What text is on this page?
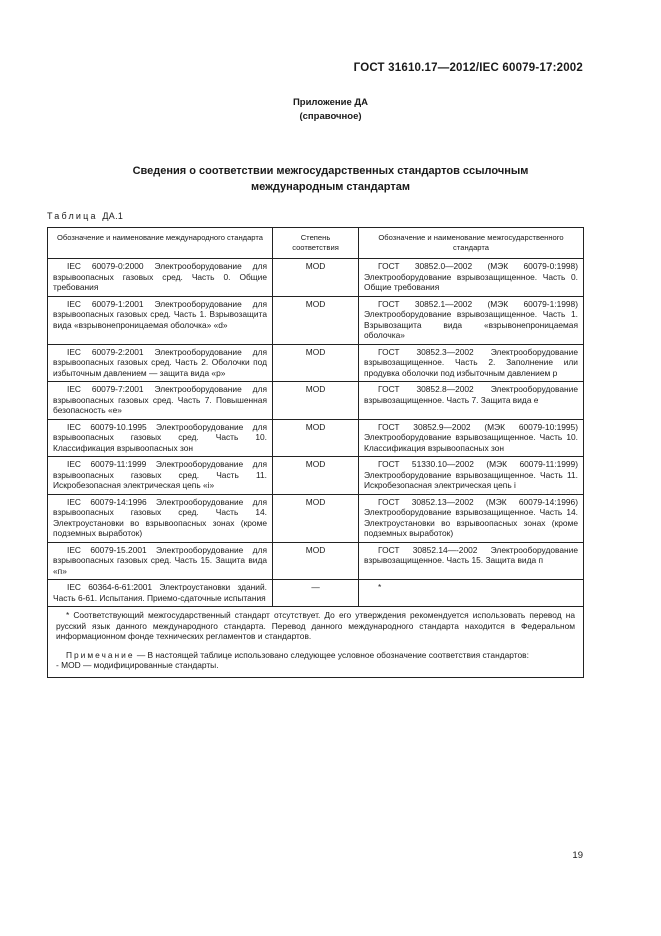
ГОСТ 31610.17—2012/IEC 60079-17:2002
Приложение ДА
(справочное)
Сведения о соответствии межгосударственных стандартов ссылочным
международным стандартам
Таблица ДА.1
Обозначение и наименование международного стандарта	Степень соответствия	Обозначение и наименование межгосударственного стандарта
IEC 60079-0:2000 Электрооборудование для взрывоопасных газовых сред. Часть 0. Общие требования	MOD	ГОСТ 30852.0—2002 (МЭК 60079-0:1998) Электрооборудование взрывозащищенное. Часть 0. Общие требования
IEC 60079-1:2001 Электрооборудование для взрывоопасных газовых сред. Часть 1. Взрывозащита вида «взрывонепроницаемая оболочка» «d»	MOD	ГОСТ 30852.1—2002 (МЭК 60079-1:1998) Электрооборудование взрывозащищенное. Часть 1. Взрывозащита вида «взрывонепроницаемая оболочка»
IEC 60079-2:2001 Электрооборудование для взрывоопасных газовых сред. Часть 2. Оболочки под избыточным давлением — защита вида «р»	MOD	ГОСТ 30852.3—2002 Электрооборудование взрывозащищенное. Часть 2. Заполнение или продувка оболочки под избыточным давлением р
IEC 60079-7:2001 Электрооборудование для взрывоопасных газовых сред. Часть 7. Повышенная безопасность «е»	MOD	ГОСТ 30852.8—2002 Электрооборудование взрывозащищенное. Часть 7. Защита вида е
IEC 60079-10.1995 Электрооборудование для взрывоопасных газовых сред. Часть 10. Классификация взрывоопасных зон	MOD	ГОСТ 30852.9—2002 (МЭК 60079-10:1995) Электрооборудование взрывозащищенное. Часть 10. Классификация взрывоопасных зон
IEC 60079-11:1999 Электрооборудование для взрывоопасных газовых сред. Часть 11. Искробезопасная электрическая цепь «i»	MOD	ГОСТ 51330.10—2002 (МЭК 60079-11:1999) Электрооборудование взрывозащищенное. Часть 11. Искробезопасная электрическая цепь i
IEC 60079-14:1996 Электрооборудование для взрывоопасных газовых сред. Часть 14. Электроустановки во взрывоопасных зонах (кроме подземных выработок)	MOD	ГОСТ 30852.13—2002 (МЭК 60079-14:1996) Электрооборудование взрывозащищенное. Часть 14. Электроустановки во взрывоопасных зонах (кроме подземных выработок)
IEC 60079-15.2001 Электрооборудование для взрывоопасных газовых сред. Часть 15. Защита вида «п»	MOD	ГОСТ 30852.14—-2002 Электрооборудование взрывозащищенное. Часть 15. Защита вида п
IEC 60364-6-61:2001 Электроустановки зданий. Часть 6-61. Испытания. Приемо-сдаточные испытания	—	*

* Соответствующий межгосударственный стандарт отсутствует. До его утверждения рекомендуется использовать перевод на русский язык данного международного стандарта. Перевод данного международного стандарта находится в Федеральном информационном фонде технических регламентов и стандартов.

Примечание — В настоящей таблице использовано следующее условное обозначение соответствия стандартов:

- MOD — модифицированные стандарты.		

19
